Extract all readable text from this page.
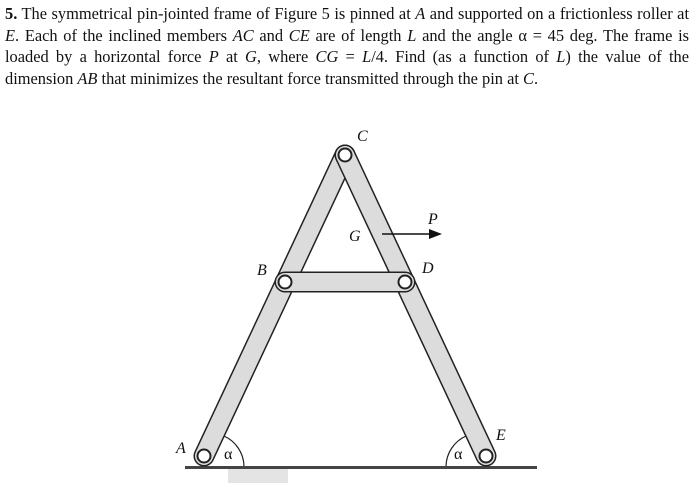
5. The symmetrical pin-jointed frame of Figure 5 is pinned at A and supported on a frictionless roller at E. Each of the inclined members AC and CE are of length L and the angle α = 45 deg. The frame is loaded by a horizontal force P at G, where CG = L/4. Find (as a function of L) the value of the dimension AB that minimizes the resultant force transmitted through the pin at C.

A
B
C
D
E
G
P
α	α
